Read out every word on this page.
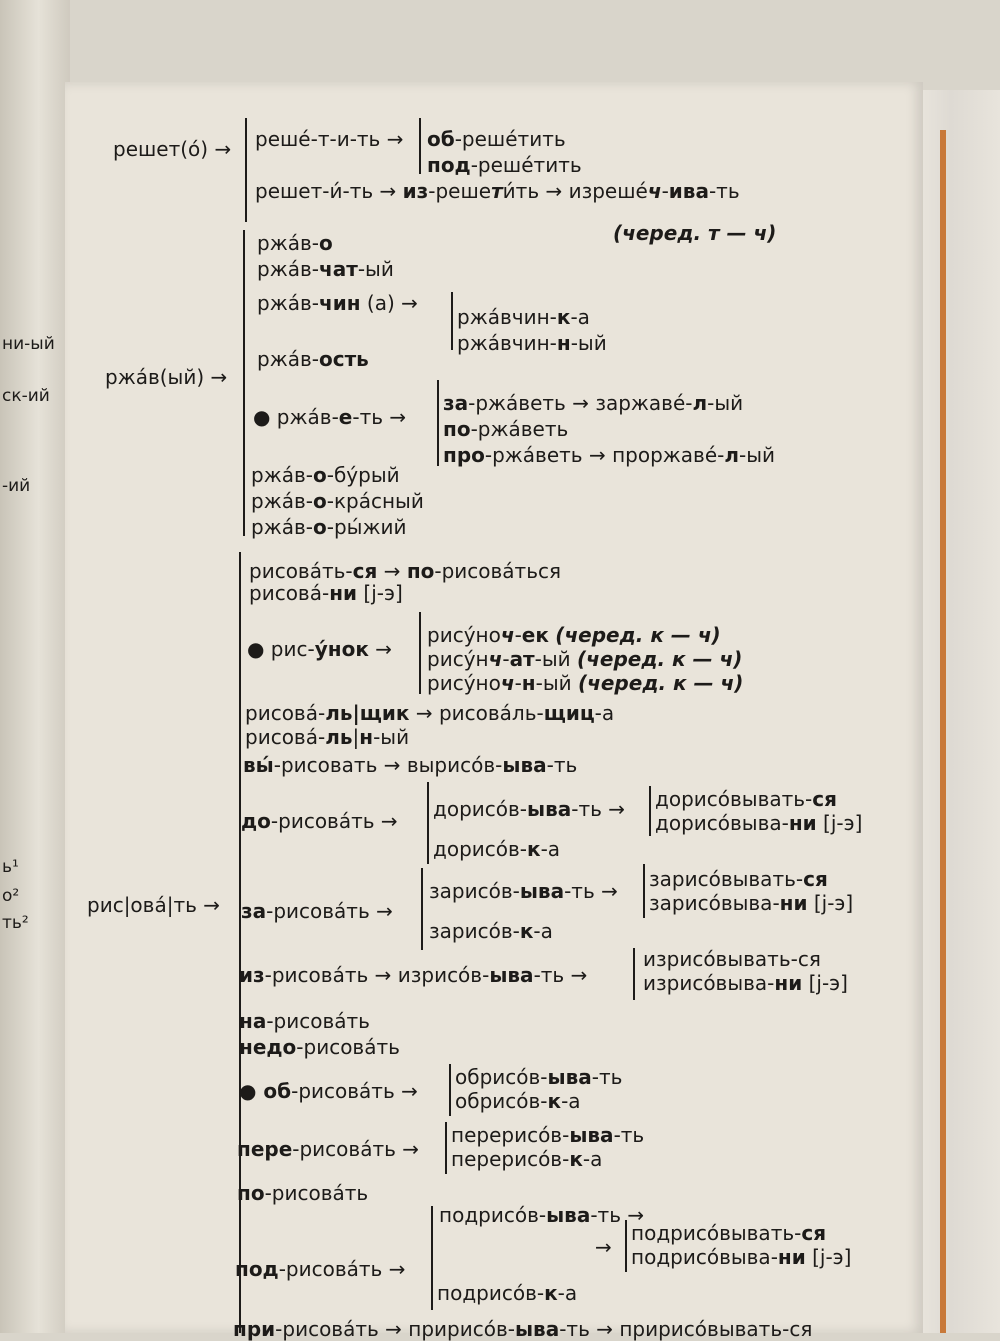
ни-ый
ск-ий
-ий
ь¹
о²
ть²
решет(о́) →
ржа́в(ый) →
рис|ова́|ть →
решé-т-и-ть → об-решéтить
под-решéтить
решет-и́-ть → из-решети́ть → изрешéч-ива-ть
(черед. т — ч)
ржа́в-о
ржа́в-чат-ый
ржа́в-чин (а) →
ржа́вчин-к-а
ржа́вчин-н-ый
ржа́в-ость
● ржа́в-е-ть →
за-ржа́веть → заржавé-л-ый
по-ржа́веть
про-ржа́веть → проржавé-л-ый
ржа́в-о-бу́рый
ржа́в-о-кра́сный
ржа́в-о-ры́жий
рисова́ть-ся → по-рисова́ться
рисова́-ни [j-э]
● рис-у́нок →
рису́ноч-ек (черед. к — ч)
рису́нч-ат-ый (черед. к — ч)
рису́ноч-н-ый (черед. к — ч)
рисова́-ль|щик → рисова́ль-щиц-а
рисова́-ль|н-ый
вы́-рисовать → вырисо́в-ыва-ть
до-рисова́ть → дорисо́в-ыва-ть → дорисо́вывать-ся
дорисо́выва-ни [j-э]
дорисо́в-к-а
за-рисова́ть →
зарисо́в-ыва-ть → зарисо́вывать-ся
зарисо́выва-ни [j-э]
зарисо́в-к-а
из-рисова́ть → изрисо́в-ыва-ть →
изрисо́вывать-ся
изрисо́выва-ни [j-э]
на-рисова́ть
недо-рисова́ть
● об-рисова́ть →
обрисо́в-ыва-ть
обрисо́в-к-а
пере-рисова́ть →
перерисо́в-ыва-ть
перерисо́в-к-а
по-рисова́ть
подрисо́в-ыва-ть →
→
подрисо́вывать-ся
подрисо́выва-ни [j-э]
под-рисова́ть →
подрисо́в-к-а
при-рисова́ть → пририсо́в-ыва-ть → пририсо́вывать-ся
